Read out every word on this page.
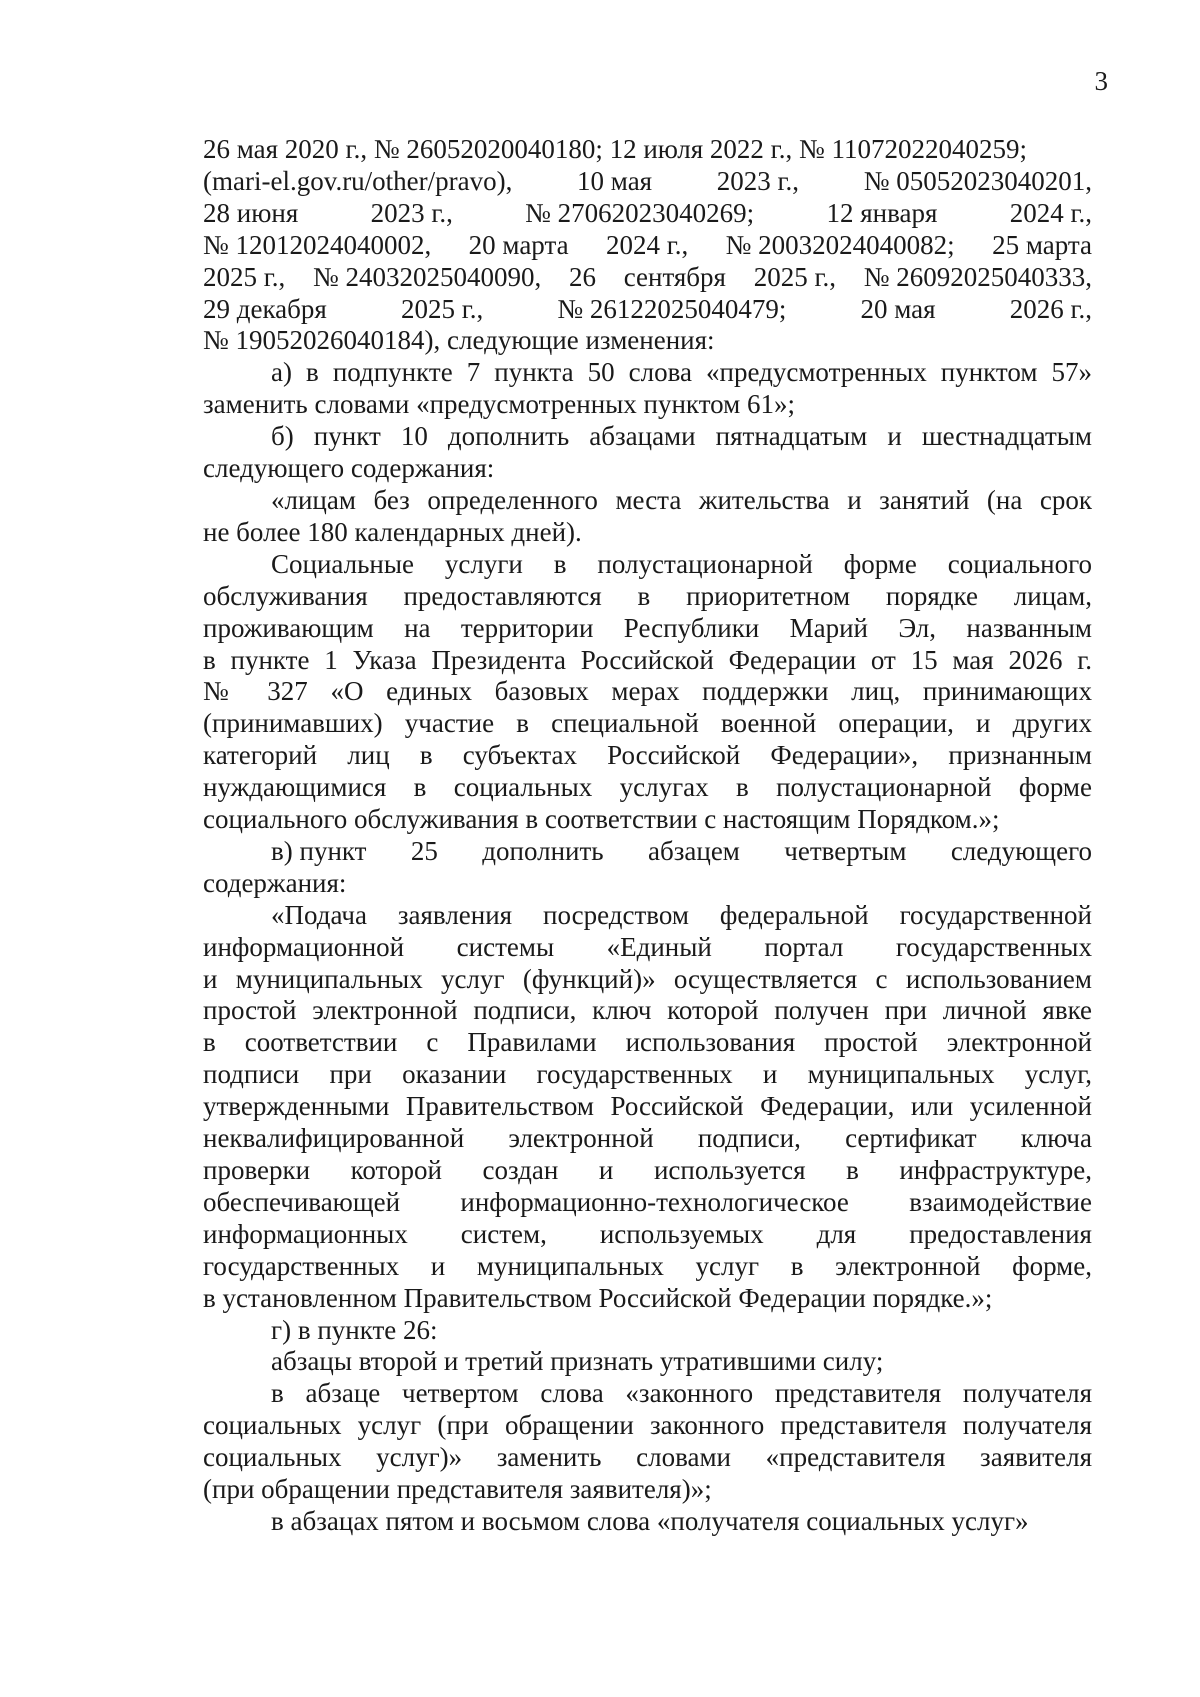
3
26 мая 2020 г., № 26052020040180; 12 июля 2022 г., № 11072022040259;
(mari-el.gov.ru/other/pravo), 10 мая 2023 г., № 05052023040201,
28 июня	2023 г.,	№ 27062023040269;	12 января	2024 г.,
№ 12012024040002, 20 марта 2024 г., № 20032024040082; 25 марта
2025 г., № 24032025040090, 26 сентября 2025 г., № 26092025040333,
29 декабря	2025 г.,	№ 26122025040479;	20 мая	2026 г.,
№ 19052026040184), следующие изменения:
а) в подпункте 7 пункта 50 слова «предусмотренных пунктом 57»
заменить словами «предусмотренных пунктом 61»;
б) пункт 10 дополнить абзацами пятнадцатым и шестнадцатым
следующего содержания:
«лицам без определенного места жительства и занятий (на срок
не более 180 календарных дней).
Социальные услуги в полустационарной форме социального
обслуживания предоставляются в приоритетном порядке лицам,
проживающим на территории Республики Марий Эл, названным
в пункте 1 Указа Президента Российской Федерации от 15 мая 2026 г.
№ 327 «О единых базовых мерах поддержки лиц, принимающих
(принимавших) участие в специальной военной операции, и других
категорий лиц в субъектах Российской Федерации», признанным
нуждающимися в социальных услугах в полустационарной форме
социального обслуживания в соответствии с настоящим Порядком.»;
в) пункт 25 дополнить абзацем четвертым следующего
содержания:
«Подача заявления посредством федеральной государственной
информационной системы «Единый портал государственных
и муниципальных услуг (функций)» осуществляется с использованием
простой электронной подписи, ключ которой получен при личной явке
в соответствии с Правилами использования простой электронной
подписи при оказании государственных и муниципальных услуг,
утвержденными Правительством Российской Федерации, или усиленной
неквалифицированной электронной подписи, сертификат ключа
проверки которой создан и используется в инфраструктуре,
обеспечивающей информационно-технологическое взаимодействие
информационных систем, используемых для предоставления
государственных и муниципальных услуг в электронной форме,
в установленном Правительством Российской Федерации порядке.»;
г) в пункте 26:
абзацы второй и третий признать утратившими силу;
в абзаце четвертом слова «законного представителя получателя
социальных услуг (при обращении законного представителя получателя
социальных услуг)» заменить словами «представителя заявителя
(при обращении представителя заявителя)»;
в абзацах пятом и восьмом слова «получателя социальных услуг»
